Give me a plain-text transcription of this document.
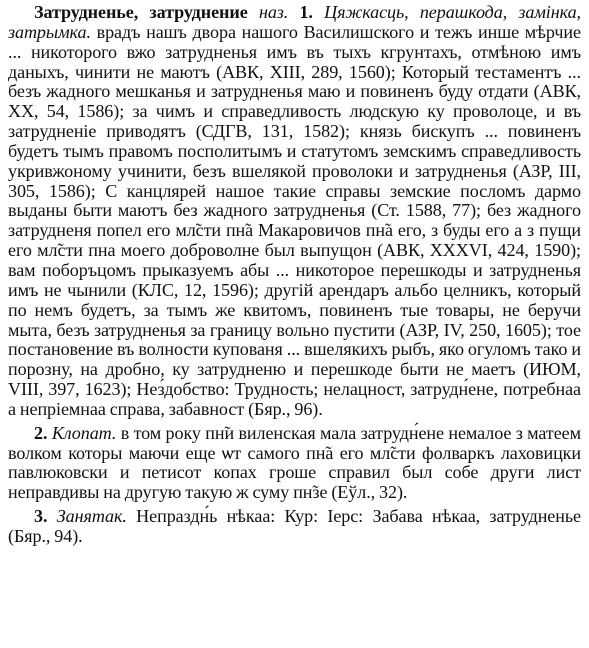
Затрудненье, затруднение наз. 1. Цяжкасць, перашкода, замінка, затрымка. врадъ нашъ двора нашого Василишского и тежъ инше мѣрчие ... никоторого вжо затрудненья имъ въ тыхъ кгрунтахъ, отмѣною имъ даныхъ, чинити не маютъ (АВК, XIII, 289, 1560); Который тестаментъ ... безъ жадного мешканья и затрудненья маю и повиненъ буду отдати (АВК, XX, 54, 1586); за чимъ и справедливость людскую ку проволоце, и въ затрудненіе приводятъ (СДГВ, 131, 1582); князь бискупъ ... повиненъ будетъ тымъ правомъ посполитымъ и статутомъ земскимъ справедливость укривжоному учинити, безъ вшелякой проволоки и затрудненья (АЗР, III, 305, 1586); С канцлярей нашое такие справы земские посломъ дармо выданы быти маютъ без жадного затрудненья (Ст. 1588, 77); без жадного затрудненя попел его мл̃сти пн̃а Макаровичов пн̃а его, з буды его а з пущи его мл̃сти пна моего доброволне был выпущон (АВК, XXXVI, 424, 1590); вам поборъцомъ прыказуемъ абы ... никоторое перешкоды и затрудненья имъ не чынили (КЛС, 12, 1596); другій арендаръ альбо целникъ, который по немъ будетъ, за тымъ же квитомъ, повиненъ тые товары, не беручи мыта, безъ затрудненья за границу вольно пустити (АЗР, IV, 250, 1605); тое постановение въ волности купованя ... вшелякихъ рыбъ, яко огуломъ тако и порозну, на дробно, ку затрудненю и перешкоде быти не маетъ (ИЮМ, VIII, 397, 1623); Нез́добство: Трудность; нелацност, затрудн́ене, потребнаа а непріемнаа справа, забавност (Бяр., 96).

2. Клопат. в том року пн̃и виленская мала затрудн́ене немалое з матеем волком которы маючи еще ѡт самого пн̃а его мл̃сти фолваркъ лаховицки павлюковски и петисот копах гроше справил был собе други лист неправдивы на другую такую ж суму пн̃зе (Еўл., 32).

3. Занятак. Непраздн́ь нѣкаа: Кур: Іерс: Забава нѣкаа, затрудненье (Бяр., 94).
